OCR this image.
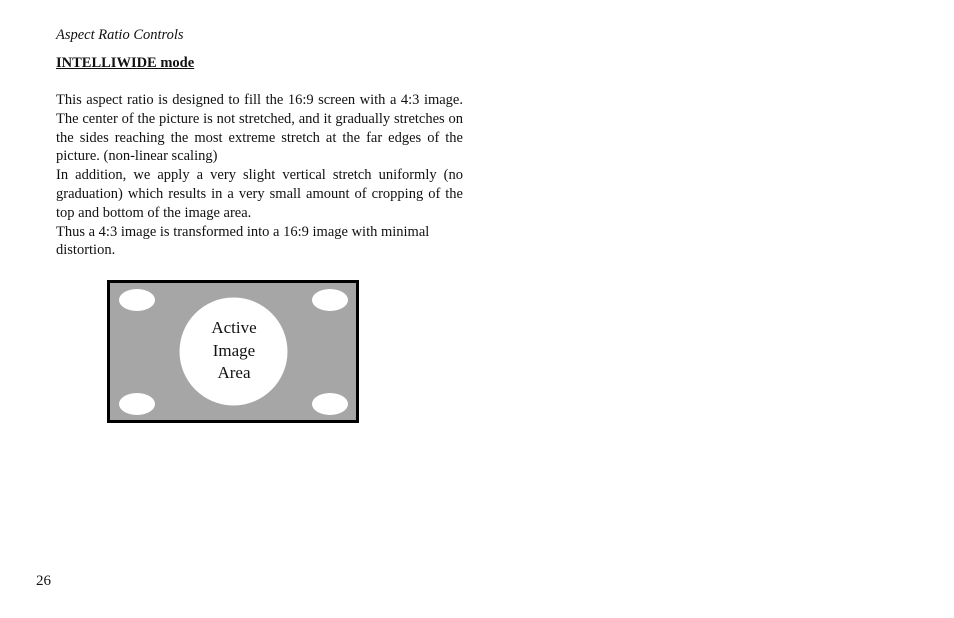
Aspect Ratio Controls
INTELLIWIDE mode

This aspect ratio is designed to fill the 16:9 screen with a 4:3 image. The center of the picture is not stretched, and it gradually stretches on the sides reaching the most extreme stretch at the far edges of the picture. (non-linear scaling)

In addition, we apply a very slight vertical stretch uniformly (no graduation) which results in a very small amount of cropping of the top and bottom of the image area.

Thus a 4:3 image is transformed into a 16:9 image with minimal distortion.

Active
Image
Area
26
